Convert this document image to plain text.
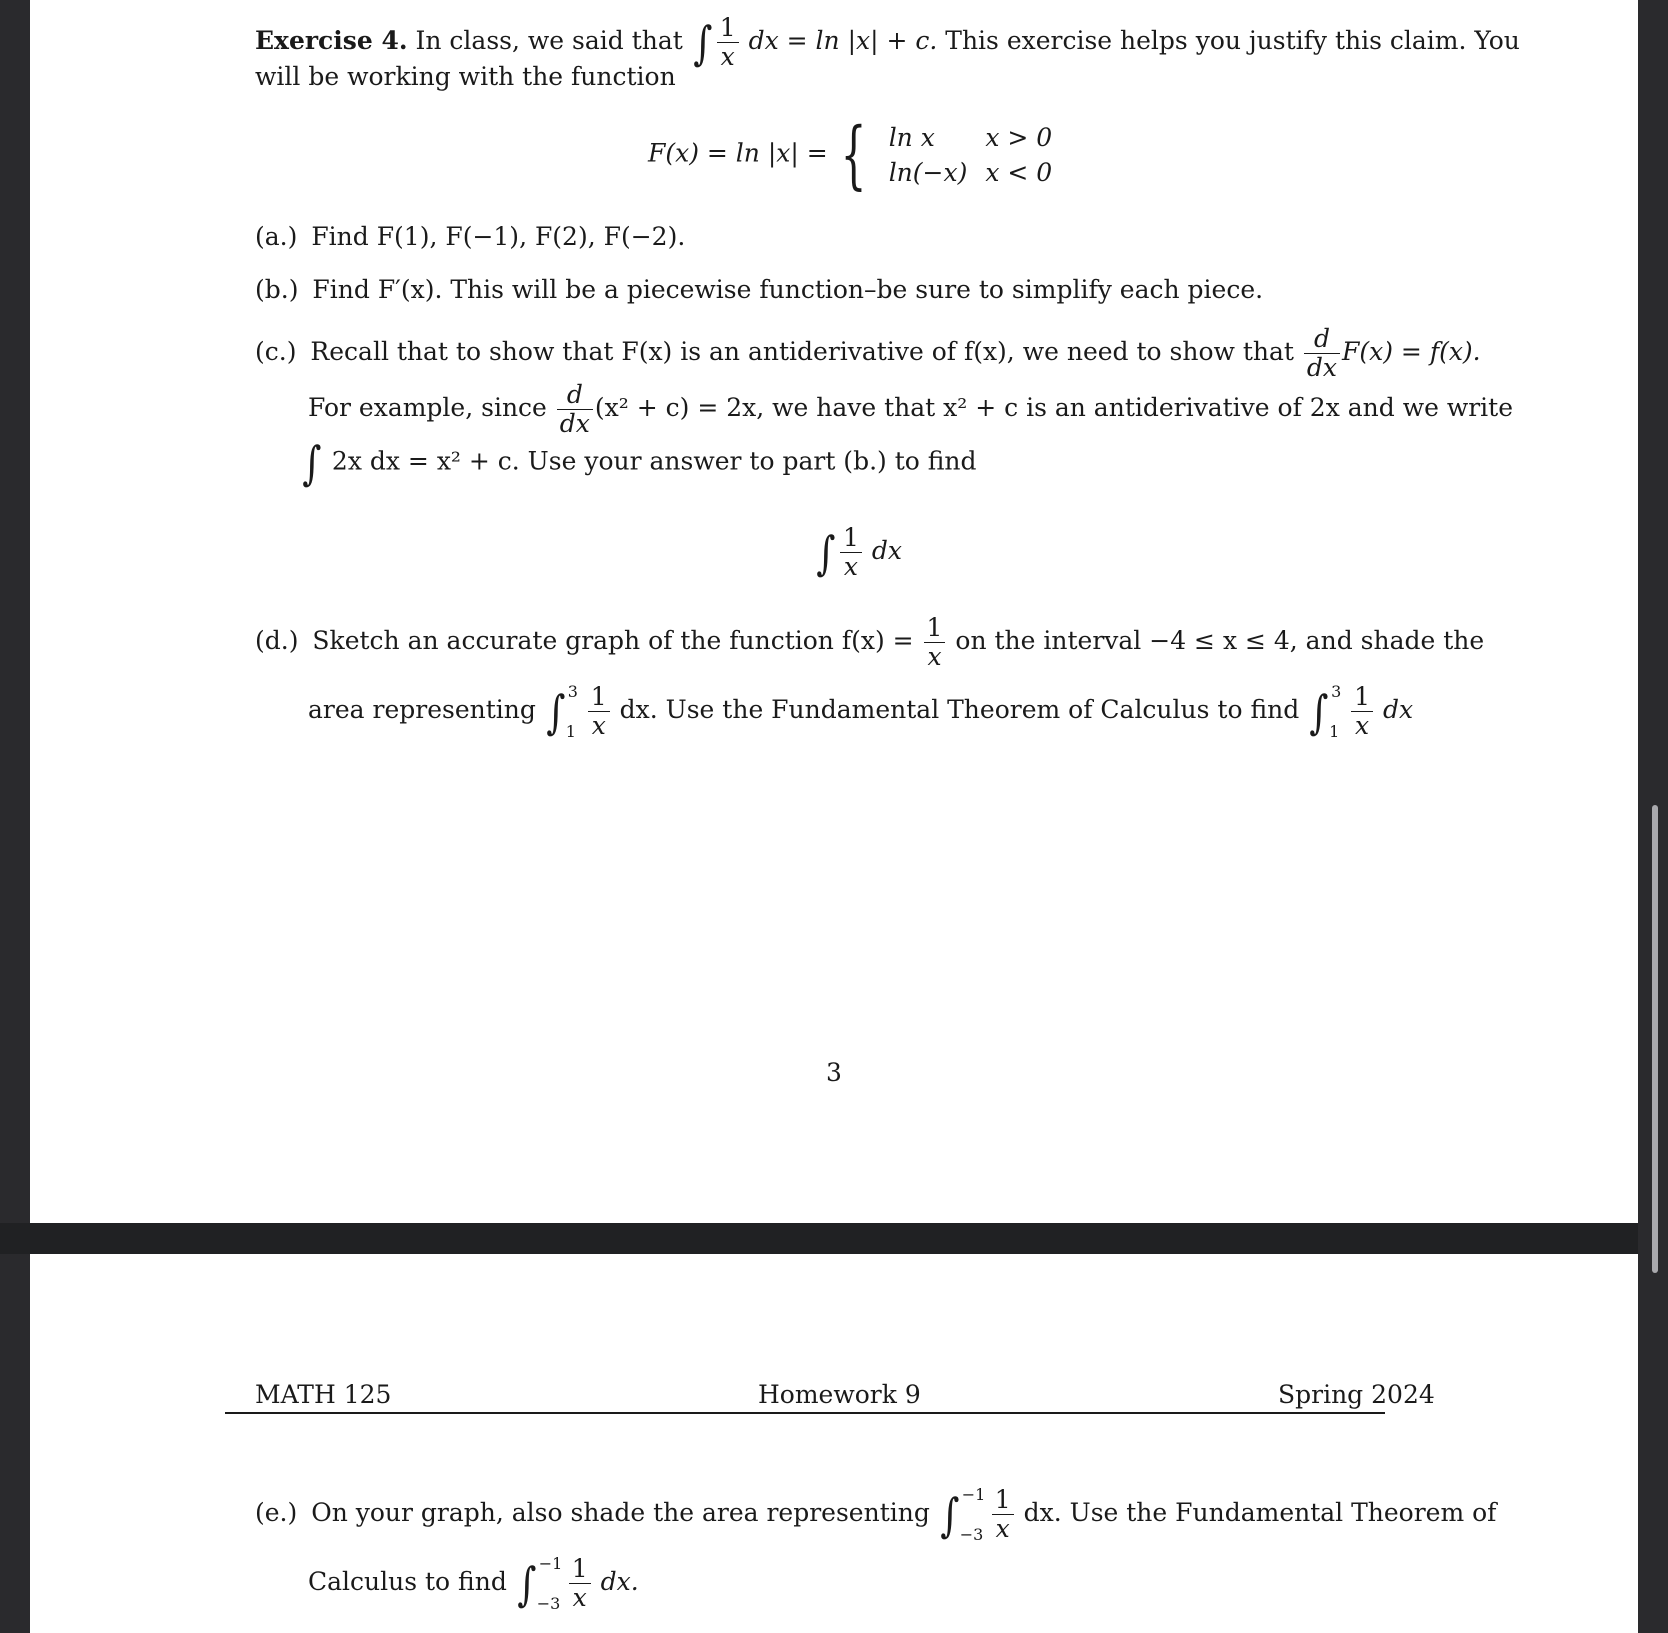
Exercise 4. In class, we said that ∫ $\frac{1}{x}$ dx = ln |x| + c. This exercise helps you justify this claim. You
will be working with the function
F(x) = ln |x| = { ln x	x > 0
ln(−x)	x < 0
(a.) Find F(1), F(−1), F(2), F(−2).
(b.) Find F′(x). This will be a piecewise function–be sure to simplify each piece.
(c.) Recall that to show that F(x) is an antiderivative of f(x), we need to show that $\frac{d}{dx} F(x) = f(x)$.
For example, since $\frac{d}{dx} (x^2 + c) = 2x$, we have that x² + c is an antiderivative of 2x and we write
∫ 2x dx = x² + c. Use your answer to part (b.) to find
∫ $\frac{1}{x}$ dx
(d.) Sketch an accurate graph of the function $f(x) = \frac{1}{x}$ on the interval −4 ≤ x ≤ 4, and shade the
area representing ∫ 3
$1 \frac{1}{x}$ dx. Use the Fundamental Theorem of Calculus to find ∫ 3
$1 \frac{1}{x}$ dx
3
MATH 125	Homework 9	Spring 2024
(e.) On your graph, also shade the area representing ∫ −1
$-3 \frac{1}{x}$ dx. Use the Fundamental Theorem of
Calculus to find ∫ −1
$-3 \frac{1}{x}$ dx.
